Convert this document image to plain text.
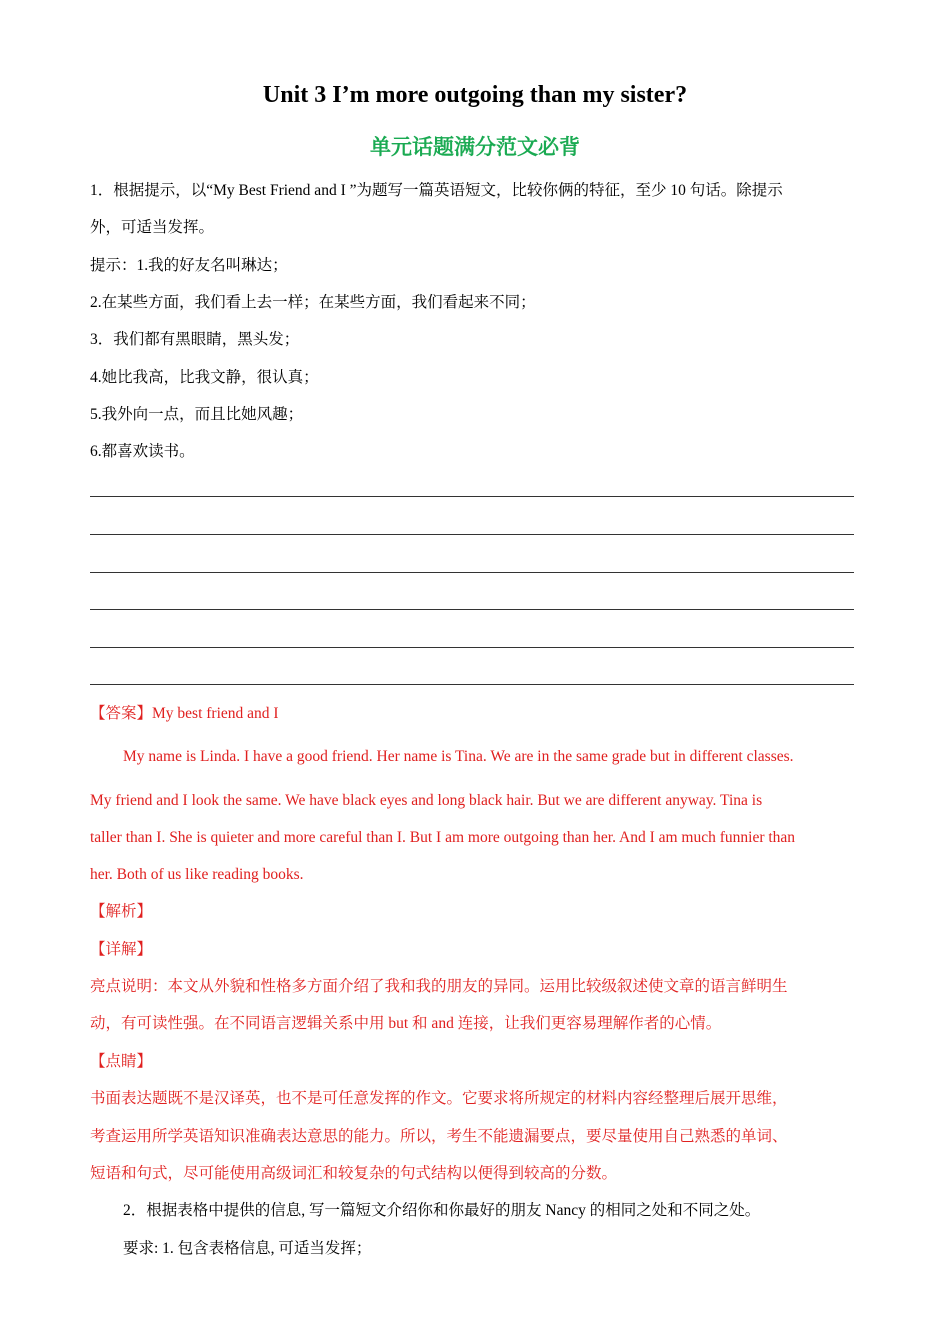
Unit 3 I’m more outgoing than my sister?
单元话题满分范文必背
1．根据提示，以“My Best Friend and I ”为题写一篇英语短文，比较你俩的特征，至少 10 句话。除提示
外，可适当发挥。
提示：1.我的好友名叫琳达；
2.在某些方面，我们看上去一样；在某些方面，我们看起来不同；
3．我们都有黑眼睛，黑头发；
4.她比我高，比我文静，很认真；
5.我外向一点，而且比她风趣；
6.都喜欢读书。
【答案】My best friend and I
My name is Linda. I have a good friend. Her name is Tina. We are in the same grade but in different classes.
My friend and I look the same. We have black eyes and long black hair. But we are different anyway. Tina is
taller than I. She is quieter and more careful than I. But I am more outgoing than her. And I am much funnier than
her. Both of us like reading books.
【解析】
【详解】
亮点说明：本文从外貌和性格多方面介绍了我和我的朋友的异同。运用比较级叙述使文章的语言鲜明生
动，有可读性强。在不同语言逻辑关系中用 but 和 and 连接，让我们更容易理解作者的心情。
【点睛】
书面表达题既不是汉译英，也不是可任意发挥的作文。它要求将所规定的材料内容经整理后展开思维，
考查运用所学英语知识准确表达意思的能力。所以，考生不能遗漏要点，要尽量使用自己熟悉的单词、
短语和句式，尽可能使用高级词汇和较复杂的句式结构以便得到较高的分数。
2．根据表格中提供的信息, 写一篇短文介绍你和你最好的朋友 Nancy 的相同之处和不同之处。
要求: 1. 包含表格信息, 可适当发挥；
